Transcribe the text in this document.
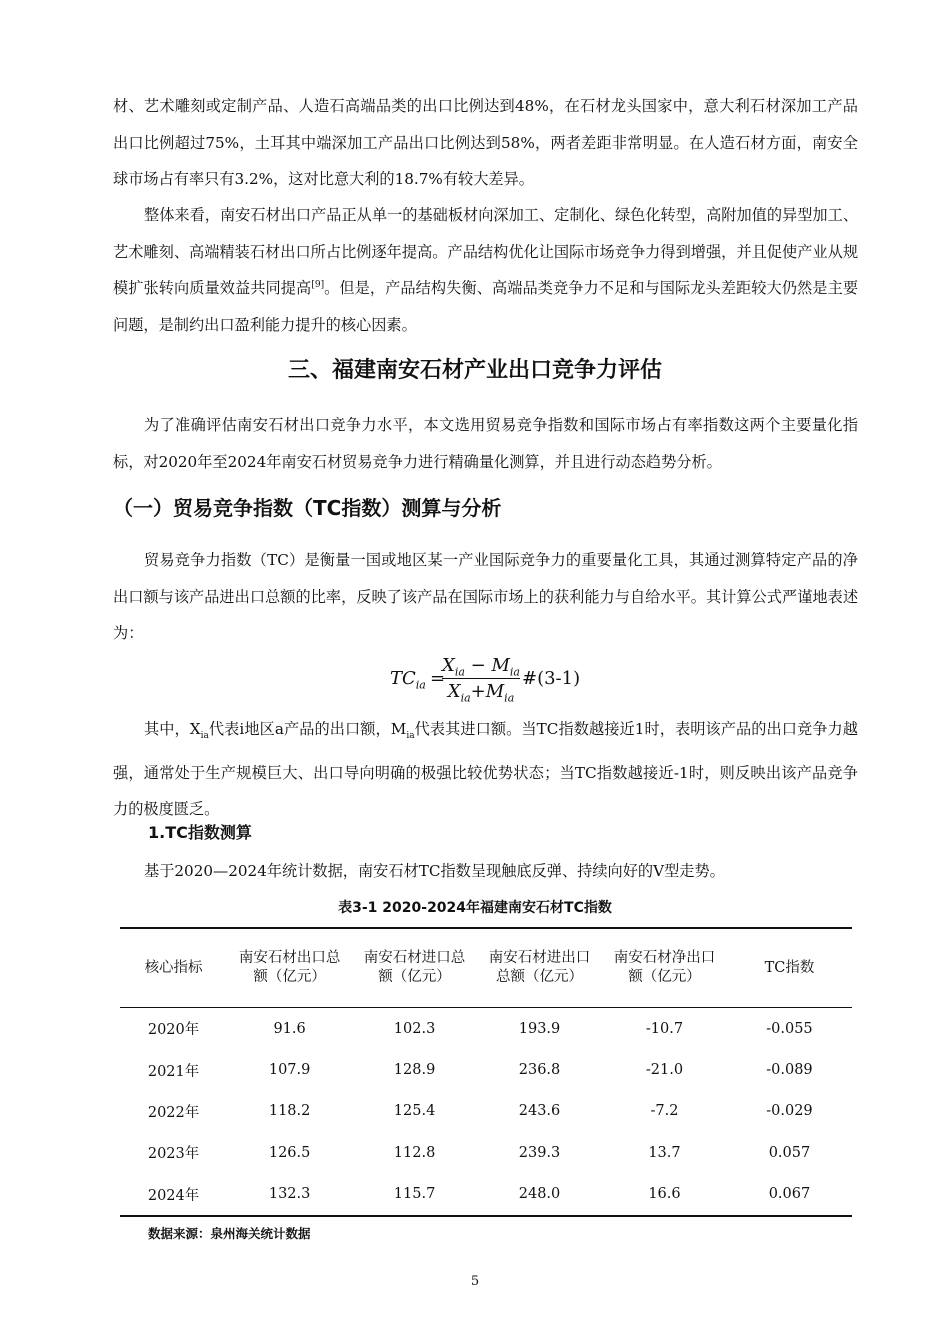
材、艺术雕刻或定制产品、人造石高端品类的出口比例达到48%，在石材龙头国家中，意大利石材深加工产品出口比例超过75%，土耳其中端深加工产品出口比例达到58%，两者差距非常明显。在人造石材方面，南安全球市场占有率只有3.2%，这对比意大利的18.7%有较大差异。

整体来看，南安石材出口产品正从单一的基础板材向深加工、定制化、绿色化转型，高附加值的异型加工、艺术雕刻、高端精装石材出口所占比例逐年提高。产品结构优化让国际市场竞争力得到增强，并且促使产业从规模扩张转向质量效益共同提高[9]。但是，产品结构失衡、高端品类竞争力不足和与国际龙头差距较大仍然是主要问题，是制约出口盈利能力提升的核心因素。

三、福建南安石材产业出口竞争力评估

为了准确评估南安石材出口竞争力水平，本文选用贸易竞争指数和国际市场占有率指数这两个主要量化指标，对2020年至2024年南安石材贸易竞争力进行精确量化测算，并且进行动态趋势分析。

（一）贸易竞争指数（TC指数）测算与分析

贸易竞争力指数（TC）是衡量一国或地区某一产业国际竞争力的重要量化工具，其通过测算特定产品的净出口额与该产品进出口总额的比率，反映了该产品在国际市场上的获利能力与自给水平。其计算公式严谨地表述为：

$TC_{ia}$ =
$X_{ia} - M_{ia}$
$X_{ia}+M_{ia}$
#(3-1)

其中，$X_{ia}$代表i地区a产品的出口额，$M_{ia}$代表其进口额。当TC指数越接近1时，表明该产品的出口竞争力越强，通常处于生产规模巨大、出口导向明确的极强比较优势状态；当TC指数越接近-1时，则反映出该产品竞争力的极度匮乏。

1.TC指数测算

基于2020—2024年统计数据，南安石材TC指数呈现触底反弹、持续向好的V型走势。

表3-1 2020-2024年福建南安石材TC指数

核心指标	南安石材出口总额（亿元）	南安石材进口总额（亿元）	南安石材进出口总额（亿元）	南安石材净出口额（亿元）	TC指数
2020年	91.6	102.3	193.9	-10.7	-0.055
2021年	107.9	128.9	236.8	-21.0	-0.089
2022年	118.2	125.4	243.6	-7.2	-0.029
2023年	126.5	112.8	239.3	13.7	0.057
2024年	132.3	115.7	248.0	16.6	0.067

数据来源：泉州海关统计数据

5
